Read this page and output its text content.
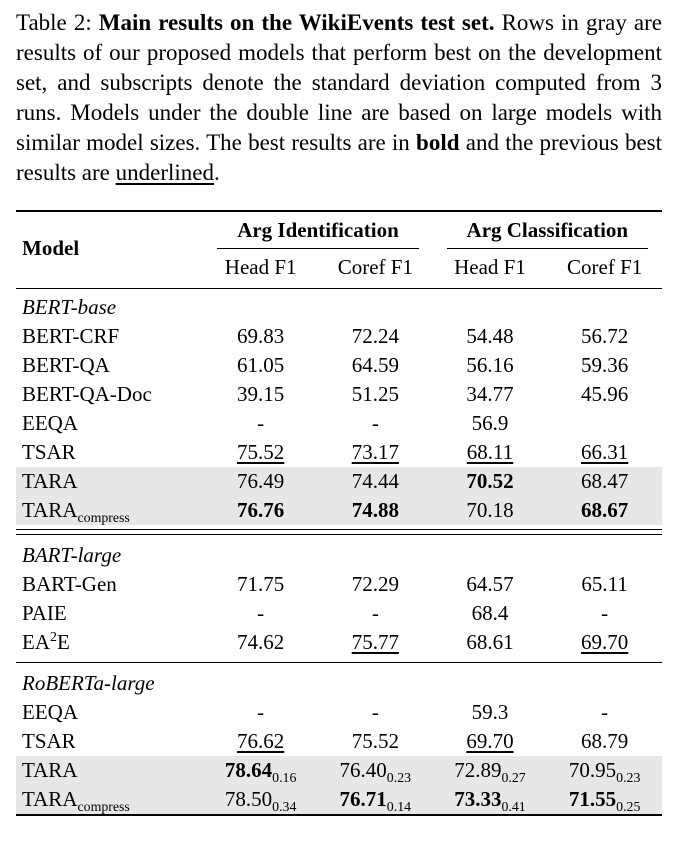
Table 2: Main results on the WikiEvents test set. Rows in gray are results of our proposed models that perform best on the development set, and subscripts denote the standard deviation computed from 3 runs. Models under the double line are based on large models with similar model sizes. The best results are in bold and the previous best results are underlined.

Model	Arg Identification		Arg Classification	

	Head F1	Coref F1	Head F1	Coref F1
BERT-base				
BERT-CRF	69.83	72.24	54.48	56.72
BERT-QA	61.05	64.59	56.16	59.36
BERT-QA-Doc	39.15	51.25	34.77	45.96
EEQA	-	-	56.9	
TSAR	75.52	73.17	68.11	66.31
TARA	76.49	74.44	70.52	68.47
$TARA_{compress}$	76.76	74.88	70.18	68.67

BART-large				
BART-Gen	71.75	72.29	64.57	65.11
PAIE	-	-	68.4	-
$EA^2E$	74.62	75.77	68.61	69.70

RoBERTa-large				
EEQA	-	-	59.3	-
TSAR	76.62	75.52	69.70	68.79
TARA	$78.64_{0.16}$	$76.40_{0.23}$	$72.89_{0.27}$	$70.95_{0.23}$
$TARA_{compress}$	$78.50_{0.34}$	$76.71_{0.14}$	$73.33_{0.41}$	$71.55_{0.25}$
